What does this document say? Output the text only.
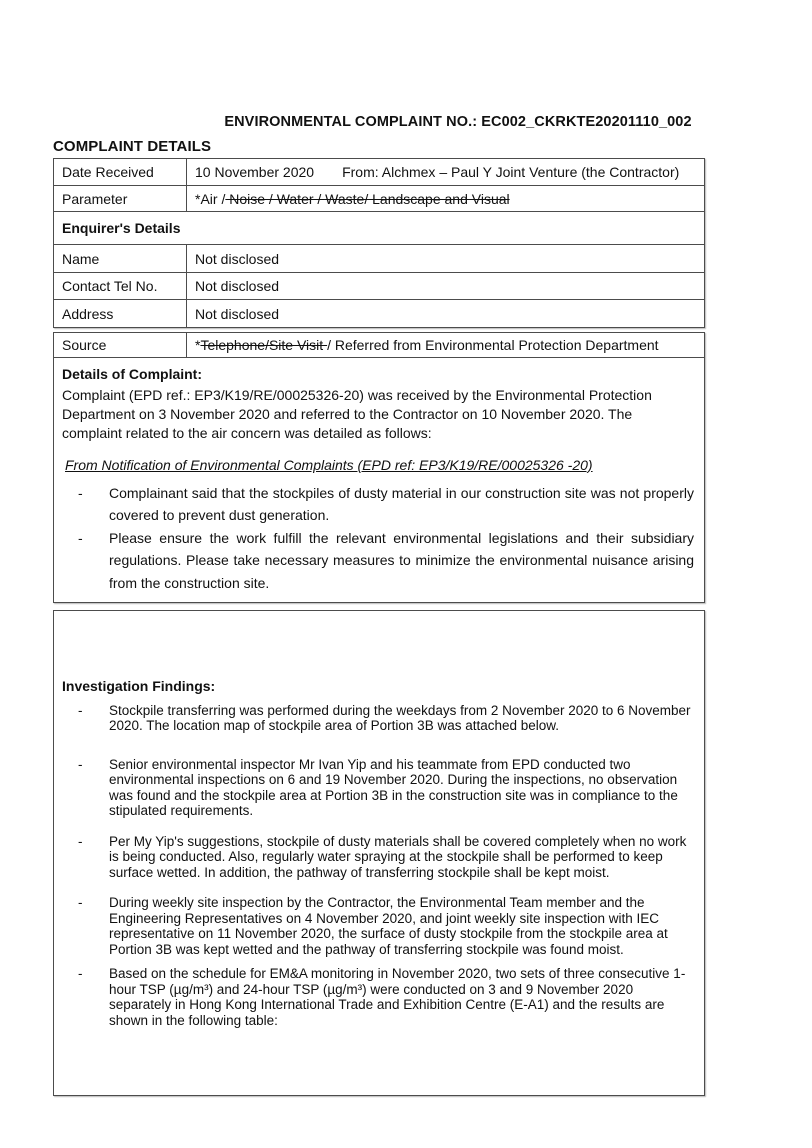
ENVIRONMENTAL COMPLAINT NO.: EC002_CKRKTE20201110_002
COMPLAINT DETAILS
Date Received	10 November 2020 From: Alchmex – Paul Y Joint Venture (the Contractor)
Parameter	*Air / Noise / Water / Waste/ Landscape and Visual
Enquirer's Details	
Name	Not disclosed
Contact Tel No.	Not disclosed
Address	Not disclosed
Source	*Telephone/Site Visit / Referred from Environmental Protection Department

Details of Complaint:

Complaint (EPD ref.: EP3/K19/RE/00025326-20) was received by the Environmental Protection Department on 3 November 2020 and referred to the Contractor on 10 November 2020. The complaint related to the air concern was detailed as follows:

From Notification of Environmental Complaints (EPD ref: EP3/K19/RE/00025326 -20)
- Complainant said that the stockpiles of dusty material in our construction site was not properly covered to prevent dust generation.
- Please ensure the work fulfill the relevant environmental legislations and their subsidiary regulations. Please take necessary measures to minimize the environmental nuisance arising from the construction site.
Investigation Findings:
- Stockpile transferring was performed during the weekdays from 2 November 2020 to 6 November 2020. The location map of stockpile area of Portion 3B was attached below.
- Senior environmental inspector Mr Ivan Yip and his teammate from EPD conducted two environmental inspections on 6 and 19 November 2020. During the inspections, no observation was found and the stockpile area at Portion 3B in the construction site was in compliance to the stipulated requirements.
- Per My Yip's suggestions, stockpile of dusty materials shall be covered completely when no work is being conducted. Also, regularly water spraying at the stockpile shall be performed to keep surface wetted. In addition, the pathway of transferring stockpile shall be kept moist.
- During weekly site inspection by the Contractor, the Environmental Team member and the Engineering Representatives on 4 November 2020, and joint weekly site inspection with IEC representative on 11 November 2020, the surface of dusty stockpile from the stockpile area at Portion 3B was kept wetted and the pathway of transferring stockpile was found moist.
- Based on the schedule for EM&A monitoring in November 2020, two sets of three consecutive 1-hour TSP (µg/m³) and 24-hour TSP (µg/m³) were conducted on 3 and 9 November 2020 separately in Hong Kong International Trade and Exhibition Centre (E-A1) and the results are shown in the following table:
